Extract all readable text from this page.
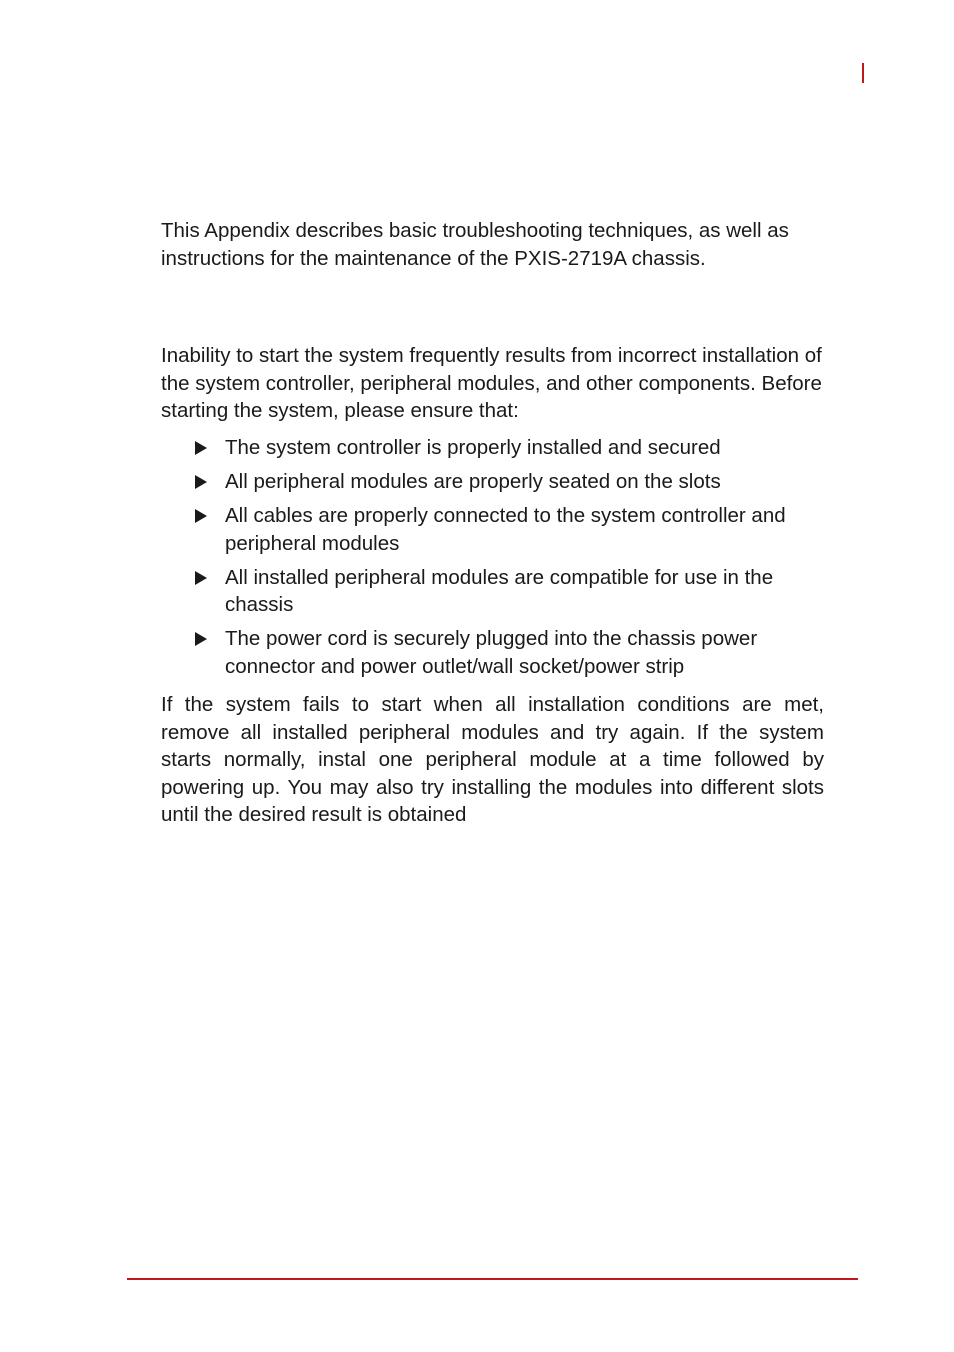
This Appendix describes basic troubleshooting techniques, as well as instructions for the maintenance of the PXIS-2719A chassis.

Inability to start the system frequently results from incorrect installation of the system controller, peripheral modules, and other components. Before starting the system, please ensure that:

The system controller is properly installed and secured
All peripheral modules are properly seated on the slots
All cables are properly connected to the system controller and peripheral modules
All installed peripheral modules are compatible for use in the chassis
The power cord is securely plugged into the chassis power connector and power outlet/wall socket/power strip

If the system fails to start when all installation conditions are met, remove all installed peripheral modules and try again. If the system starts normally, instal one peripheral module at a time followed by powering up. You may also try installing the modules into different slots until the desired result is obtained
